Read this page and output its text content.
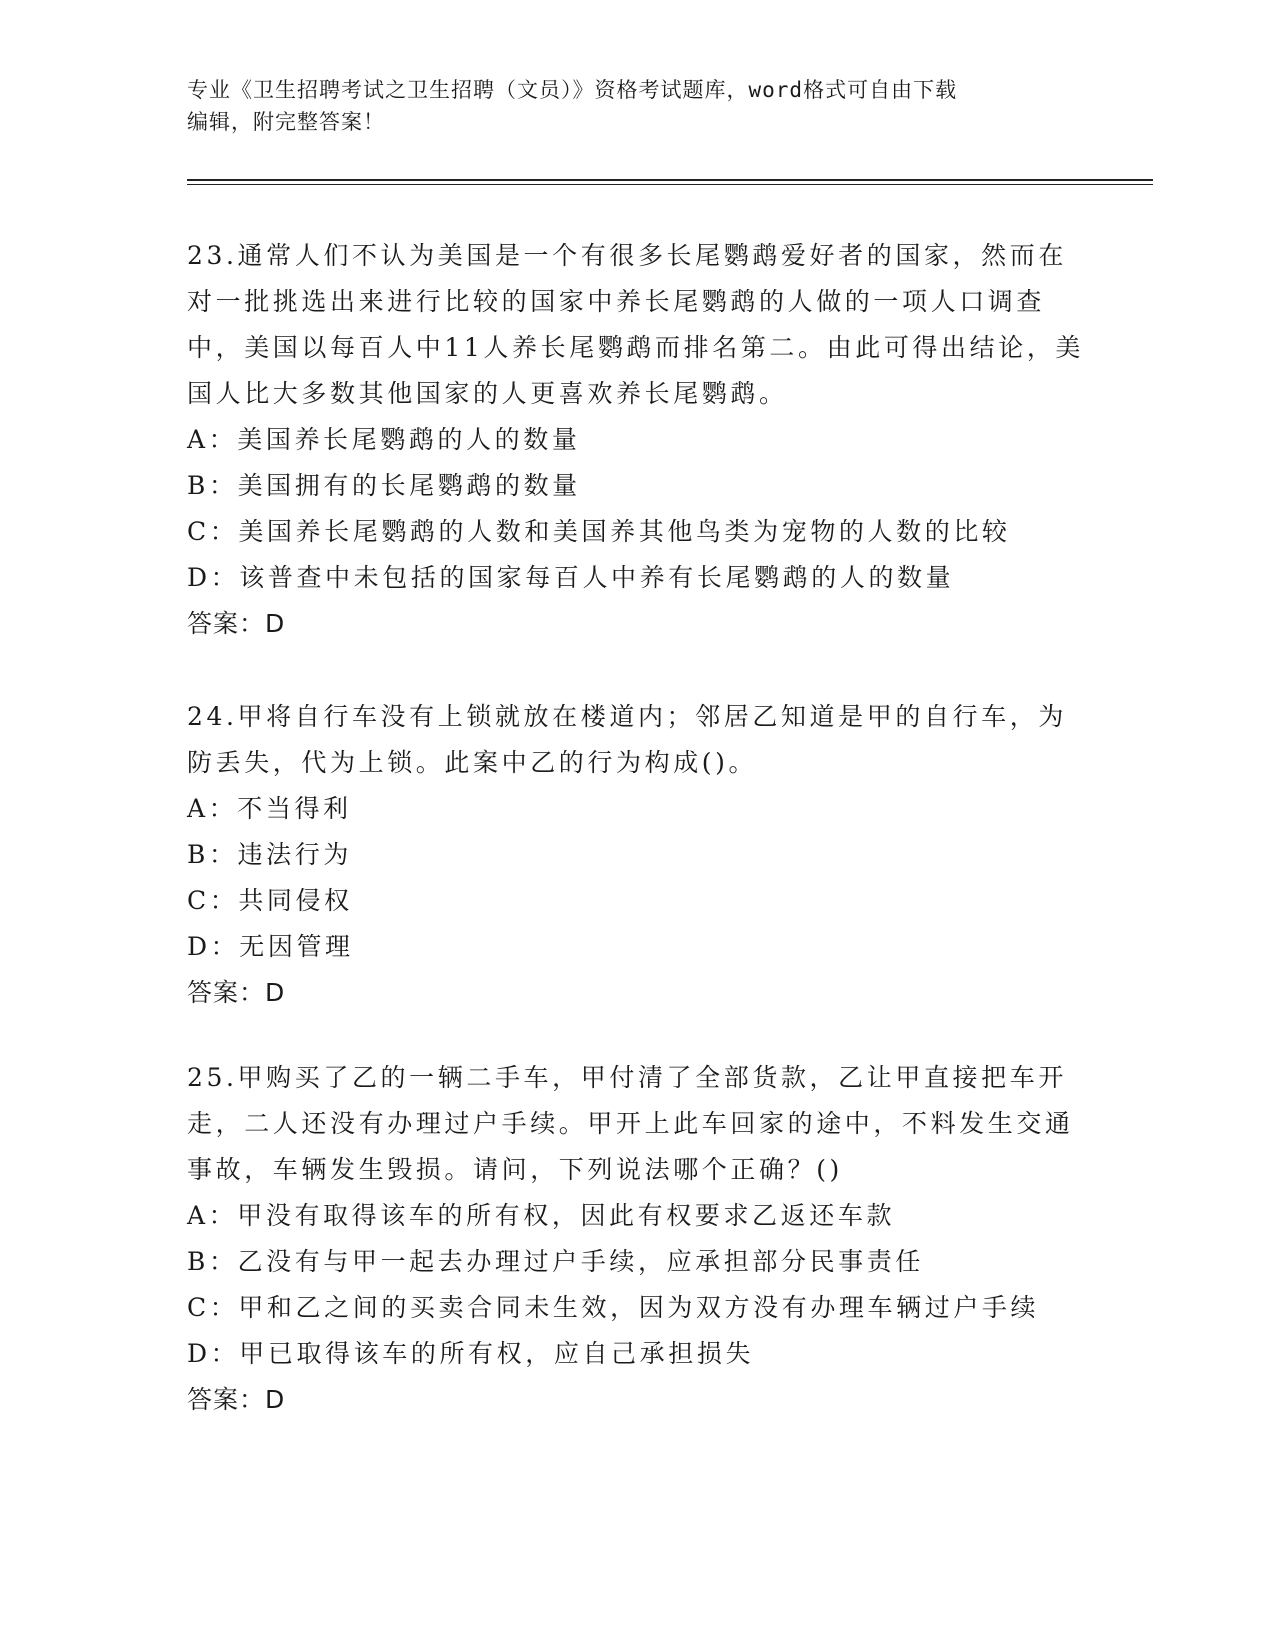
专业《卫生招聘考试之卫生招聘（文员）》资格考试题库，word格式可自由下载
编辑，附完整答案！

23.通常人们不认为美国是一个有很多长尾鹦鹉爱好者的国家，然而在对一批挑选出来进行比较的国家中养长尾鹦鹉的人做的一项人口调查中，美国以每百人中11人养长尾鹦鹉而排名第二。由此可得出结论，美国人比大多数其他国家的人更喜欢养长尾鹦鹉。

A：美国养长尾鹦鹉的人的数量
B：美国拥有的长尾鹦鹉的数量
C：美国养长尾鹦鹉的人数和美国养其他鸟类为宠物的人数的比较
D：该普查中未包括的国家每百人中养有长尾鹦鹉的人的数量
答案：D

24.甲将自行车没有上锁就放在楼道内；邻居乙知道是甲的自行车，为防丢失，代为上锁。此案中乙的行为构成()。

A：不当得利
B：违法行为
C：共同侵权
D：无因管理
答案：D

25.甲购买了乙的一辆二手车，甲付清了全部货款，乙让甲直接把车开走，二人还没有办理过户手续。甲开上此车回家的途中，不料发生交通事故，车辆发生毁损。请问，下列说法哪个正确？()

A：甲没有取得该车的所有权，因此有权要求乙返还车款
B：乙没有与甲一起去办理过户手续，应承担部分民事责任
C：甲和乙之间的买卖合同未生效，因为双方没有办理车辆过户手续
D：甲已取得该车的所有权，应自己承担损失
答案：D
